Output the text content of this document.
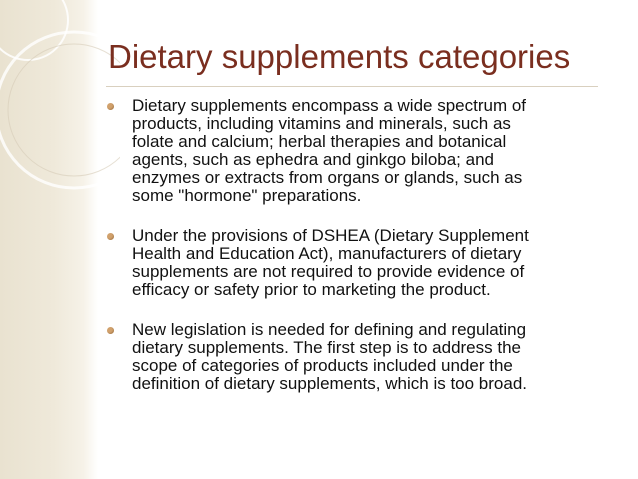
Dietary supplements categories
Dietary supplements encompass a wide spectrum of
products, including vitamins and minerals, such as
folate and calcium; herbal therapies and botanical
agents, such as ephedra and ginkgo biloba; and
enzymes or extracts from organs or glands, such as
some "hormone" preparations.
Under the provisions of DSHEA (Dietary Supplement
Health and Education Act), manufacturers of dietary
supplements are not required to provide evidence of
efficacy or safety prior to marketing the product.
New legislation is needed for defining and regulating
dietary supplements. The first step is to address the
scope of categories of products included under the
definition of dietary supplements, which is too broad.
